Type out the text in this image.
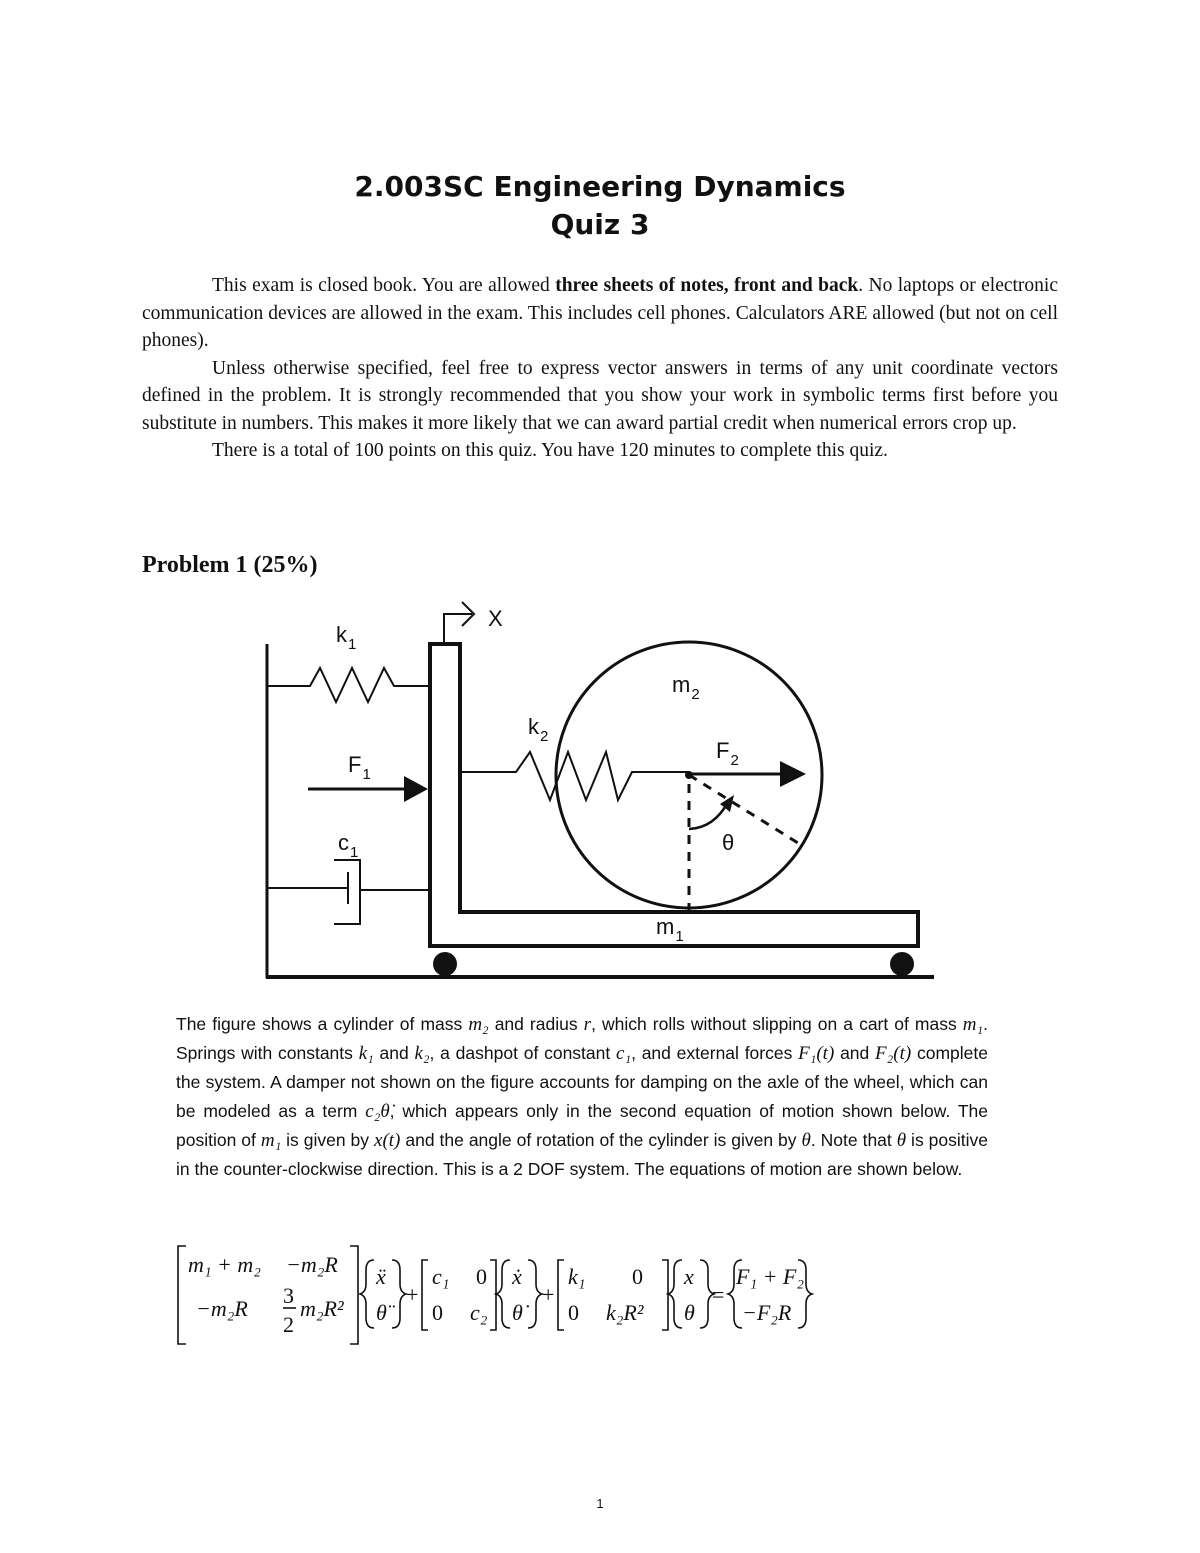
2.003SC Engineering Dynamics
Quiz 3

This exam is closed book. You are allowed three sheets of notes, front and back. No laptops or electronic communication devices are allowed in the exam. This includes cell phones. Calculators ARE allowed (but not on cell phones).

Unless otherwise specified, feel free to express vector answers in terms of any unit coordinate vectors defined in the problem. It is strongly recommended that you show your work in symbolic terms first before you substitute in numbers. This makes it more likely that we can award partial credit when numerical errors crop up.

There is a total of 100 points on this quiz. You have 120 minutes to complete this quiz.

Problem 1 (25%)
X
$k_1$
$m_2$
$k_2$
$F_1$
$F_2$
θ
$c_1$
$m_1$

The figure shows a cylinder of mass m₂ and radius r, which rolls without slipping on a cart of mass m₁. Springs with constants k₁ and k₂, a dashpot of constant c₁, and external forces F₁(t) and F₂(t) complete the system. A damper not shown on the figure accounts for damping on the axle of the wheel, which can be modeled as a term c₂θ̇, which appears only in the second equation of motion shown below. The position of m₁ is given by x(t) and the angle of rotation of the cylinder is given by θ. Note that θ is positive in the counter-clockwise direction. This is a 2 DOF system. The equations of motion are shown below.

m₁ + m₂ −m₂R
−m₂R
3
2
m₂R²
ẍ
θ̈
+
c₁ 0
0 c₂
ẋ
θ̇
+
k₁ 0
0 k₂R²
x
θ
=
F₁ + F₂
−F₂R
1
